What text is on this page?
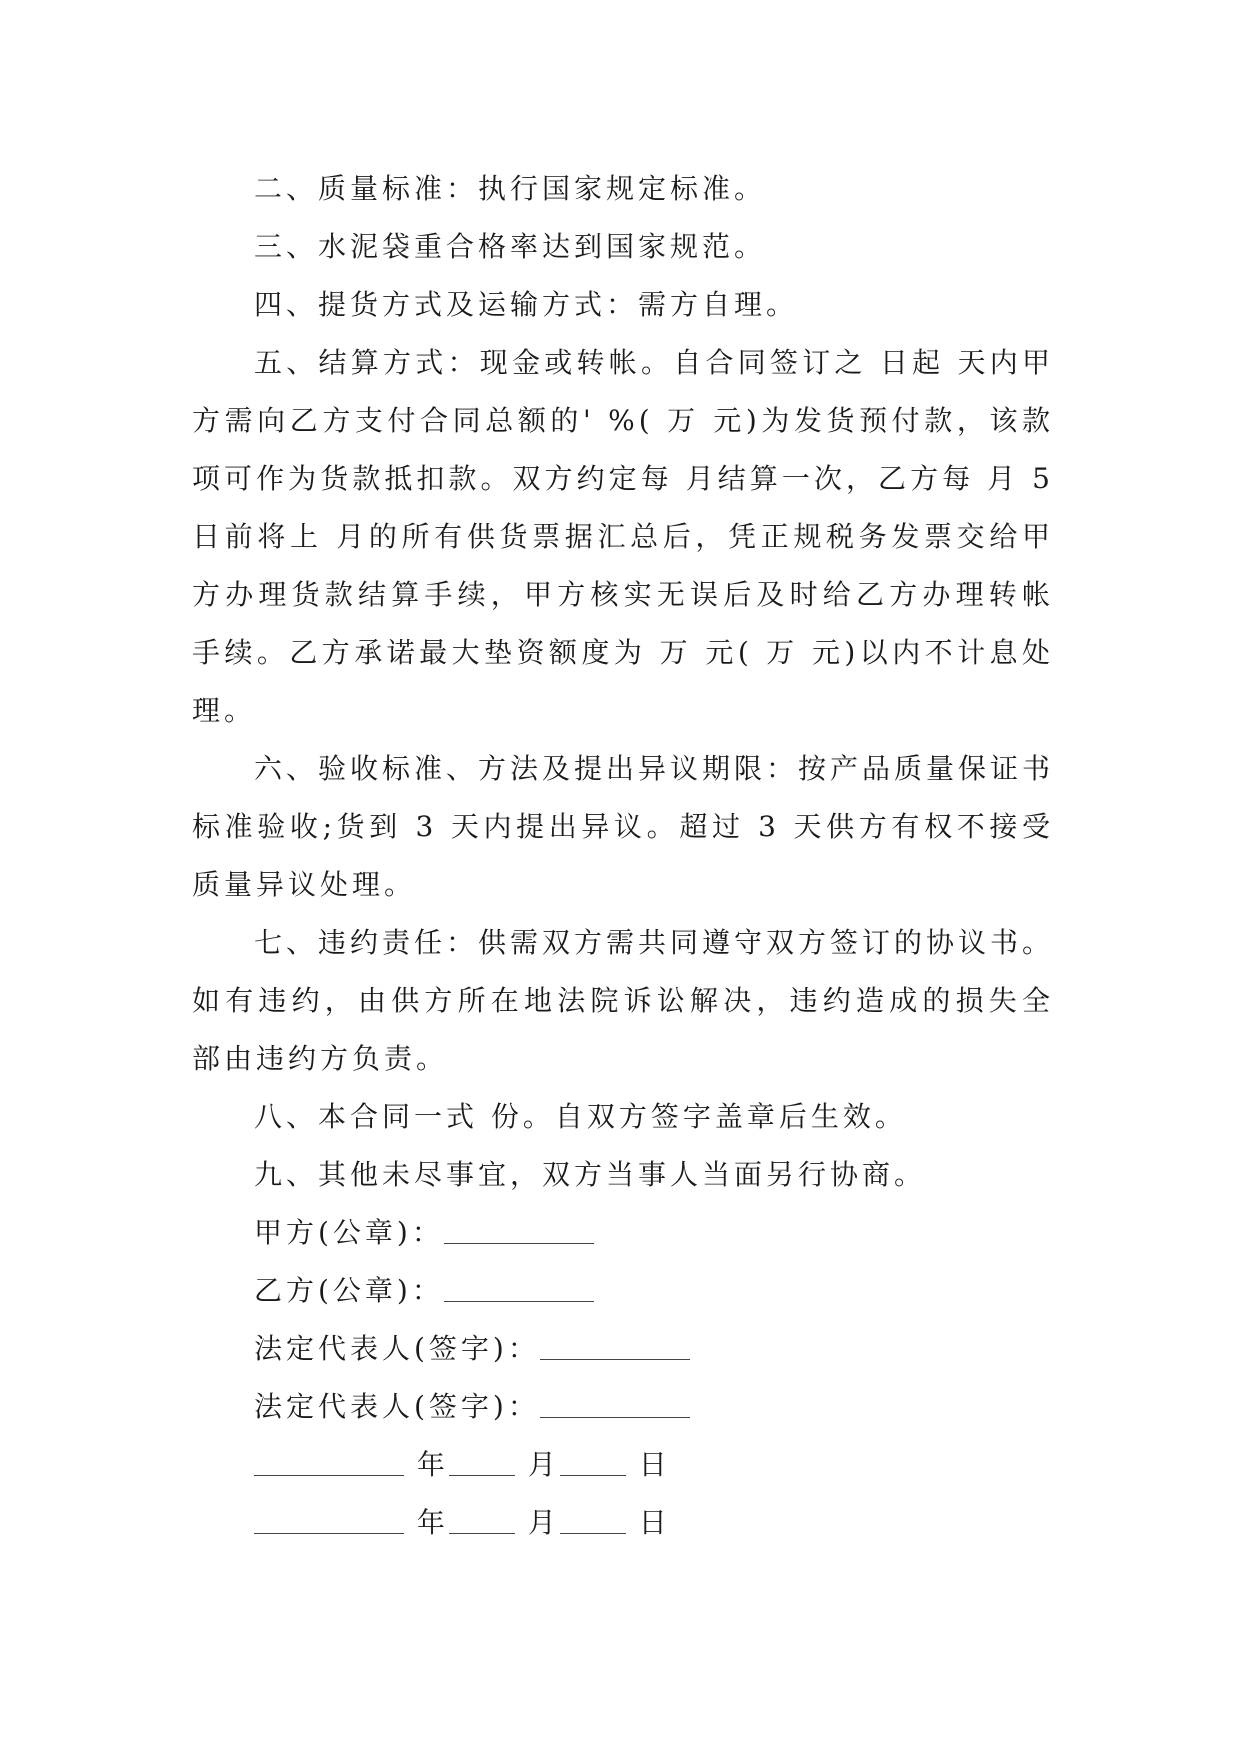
二、质量标准：执行国家规定标准。

三、水泥袋重合格率达到国家规范。

四、提货方式及运输方式：需方自理。

五、结算方式：现金或转帐。自合同签订之 日起 天内甲方需向乙方支付合同总额的' %( 万 元)为发货预付款，该款项可作为货款抵扣款。双方约定每 月结算一次，乙方每 月 5 日前将上 月的所有供货票据汇总后，凭正规税务发票交给甲方办理货款结算手续，甲方核实无误后及时给乙方办理转帐手续。乙方承诺最大垫资额度为 万 元( 万 元)以内不计息处理。

六、验收标准、方法及提出异议期限：按产品质量保证书标准验收;货到 3 天内提出异议。超过 3 天供方有权不接受质量异议处理。

七、违约责任：供需双方需共同遵守双方签订的协议书。如有违约，由供方所在地法院诉讼解决，违约造成的损失全部由违约方负责。

八、本合同一式 份。自双方签字盖章后生效。

九、其他未尽事宜，双方当事人当面另行协商。

甲方(公章)：
乙方(公章)：
法定代表人(签字)：
法定代表人(签字)：
年	月	日
年	月	日
